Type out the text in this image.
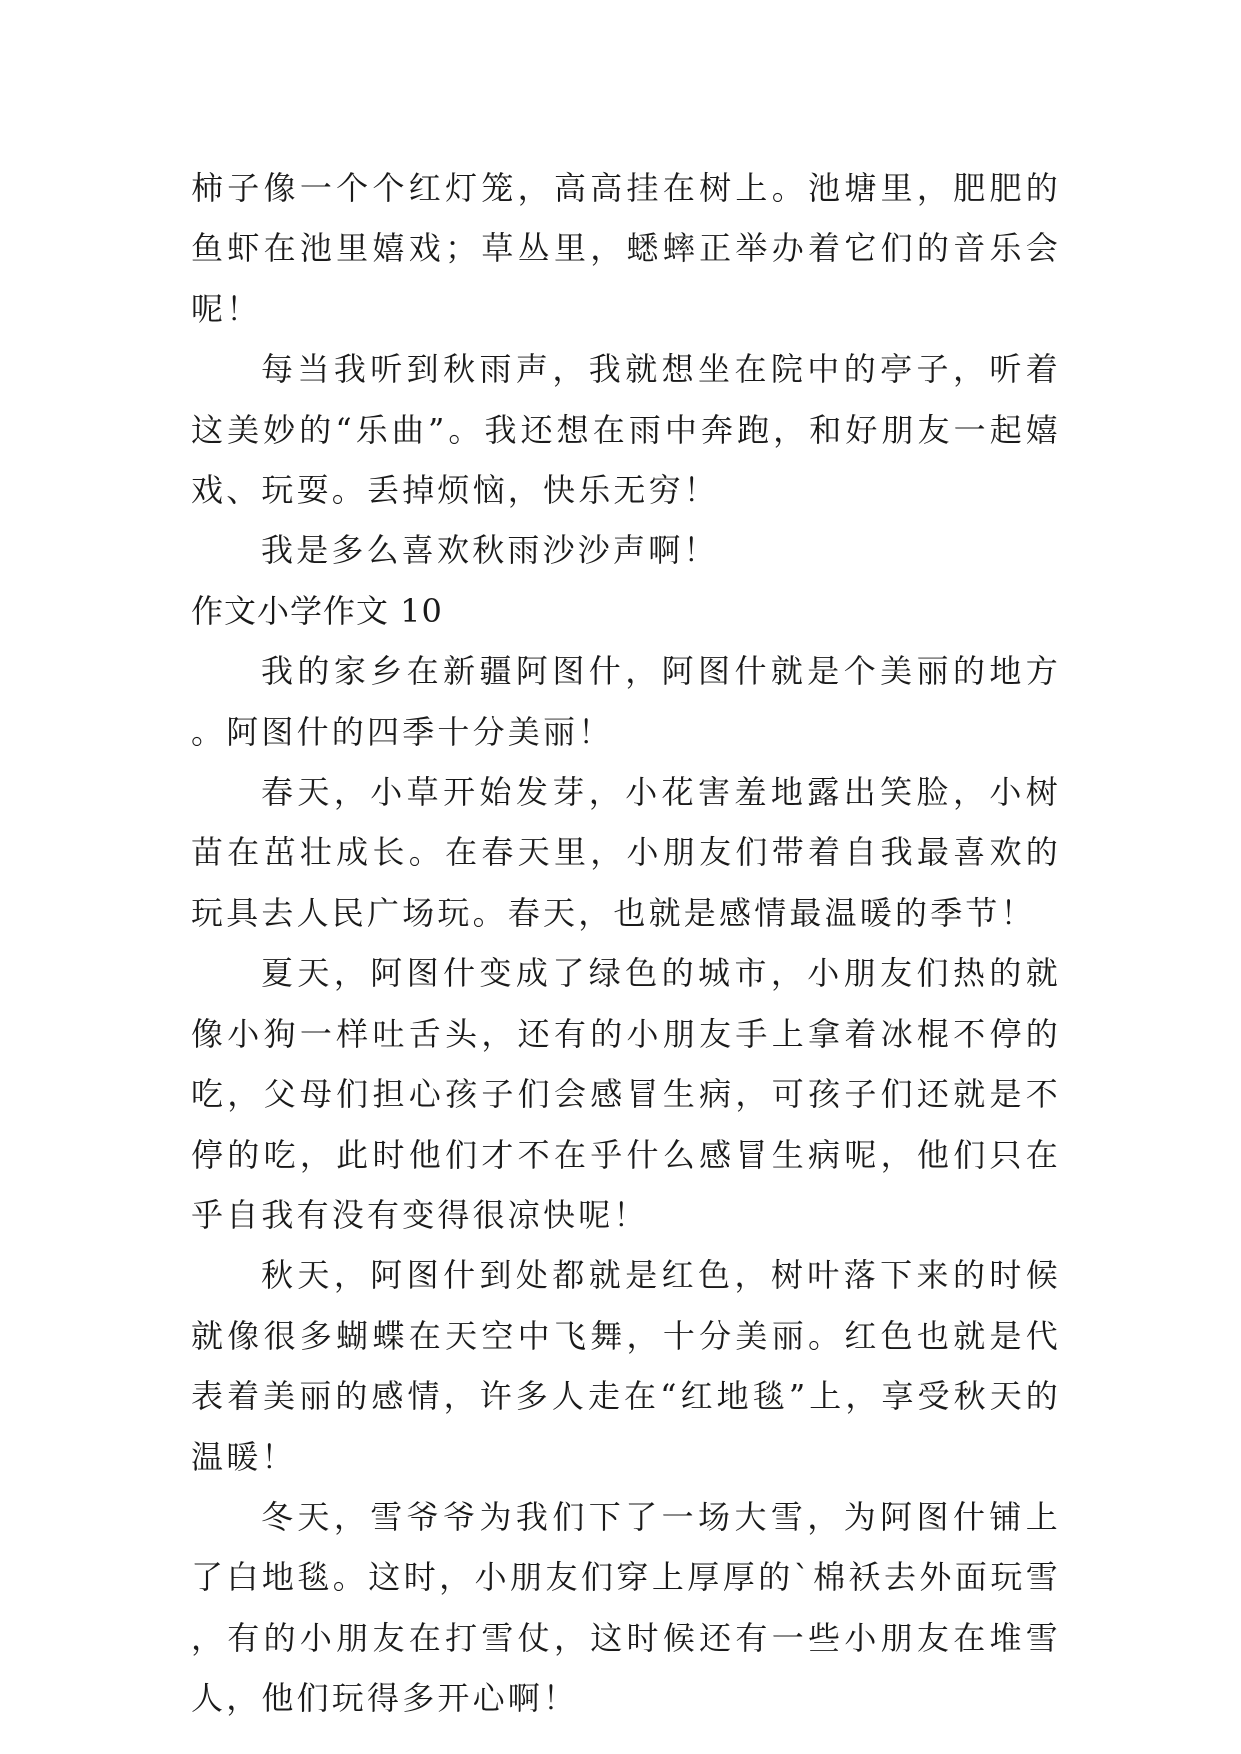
柿子像一个个红灯笼，高高挂在树上。池塘里，肥肥的鱼虾在池里嬉戏；草丛里，蟋蟀正举办着它们的音乐会呢！

每当我听到秋雨声，我就想坐在院中的亭子，听着这美妙的“乐曲”。我还想在雨中奔跑，和好朋友一起嬉戏、玩耍。丢掉烦恼，快乐无穷！

我是多么喜欢秋雨沙沙声啊！

作文小学作文 10

我的家乡在新疆阿图什，阿图什就是个美丽的地方。阿图什的四季十分美丽！

春天，小草开始发芽，小花害羞地露出笑脸，小树苗在茁壮成长。在春天里，小朋友们带着自我最喜欢的玩具去人民广场玩。春天，也就是感情最温暖的季节！

夏天，阿图什变成了绿色的城市，小朋友们热的就像小狗一样吐舌头，还有的小朋友手上拿着冰棍不停的吃，父母们担心孩子们会感冒生病，可孩子们还就是不停的吃，此时他们才不在乎什么感冒生病呢，他们只在乎自我有没有变得很凉快呢！

秋天，阿图什到处都就是红色，树叶落下来的时候就像很多蝴蝶在天空中飞舞，十分美丽。红色也就是代表着美丽的感情，许多人走在“红地毯”上，享受秋天的温暖！

冬天，雪爷爷为我们下了一场大雪，为阿图什铺上了白地毯。这时，小朋友们穿上厚厚的`棉袄去外面玩雪，有的小朋友在打雪仗，这时候还有一些小朋友在堆雪人，他们玩得多开心啊！
